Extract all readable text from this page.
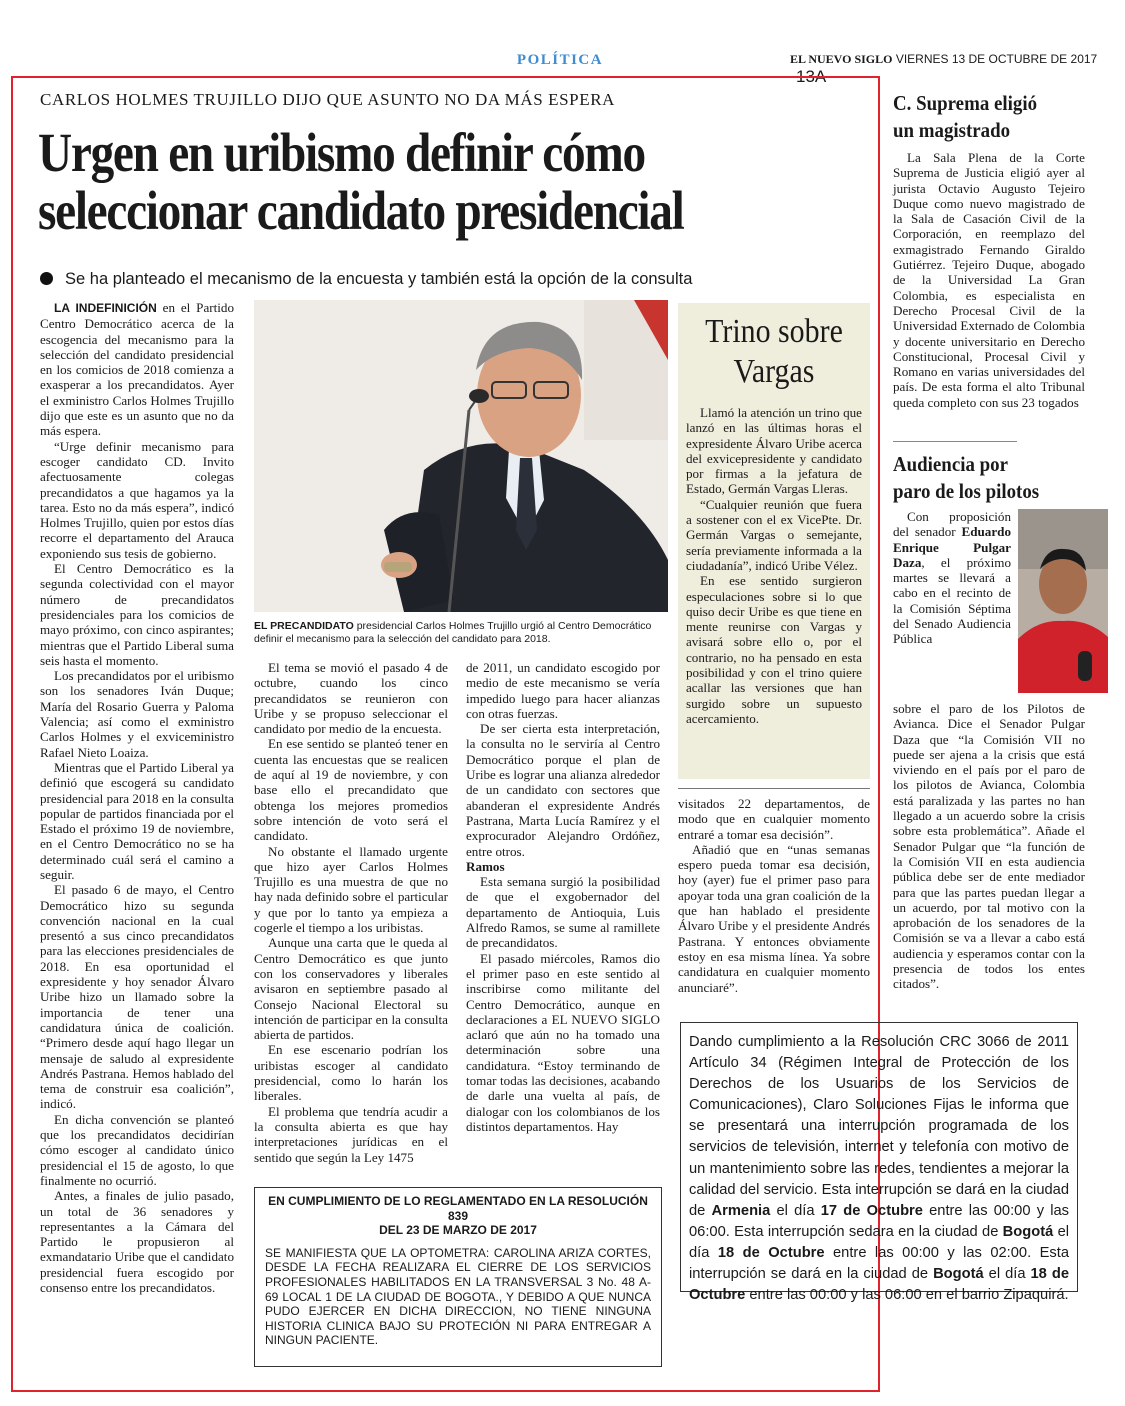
POLÍTICA	EL NUEVO SIGLO VIERNES 13 DE OCTUBRE DE 2017 13A
CARLOS HOLMES TRUJILLO DIJO QUE ASUNTO NO DA MÁS ESPERA
Urgen en uribismo definir cómo
seleccionar candidato presidencial
Se ha planteado el mecanismo de la encuesta y también está la opción de la consulta

LA INDEFINICIÓN en el Partido Centro Democrático acerca de la escogencia del mecanismo para la selección del candidato presidencial en los comicios de 2018 comienza a exasperar a los precandidatos. Ayer el exministro Carlos Holmes Trujillo dijo que este es un asunto que no da más espera.

“Urge definir mecanismo para escoger candidato CD. Invito afectuosamente colegas precandidatos a que hagamos ya la tarea. Esto no da más espera”, indicó Holmes Trujillo, quien por estos días recorre el departamento del Arauca exponiendo sus tesis de gobierno.

El Centro Democrático es la segunda colectividad con el mayor número de precandidatos presidenciales para los comicios de mayo próximo, con cinco aspirantes; mientras que el Partido Liberal suma seis hasta el momento.

Los precandidatos por el uribismo son los senadores Iván Duque; María del Rosario Guerra y Paloma Valencia; así como el exministro Carlos Holmes y el exviceministro Rafael Nieto Loaiza.

Mientras que el Partido Liberal ya definió que escogerá su candidato presidencial para 2018 en la consulta popular de partidos financiada por el Estado el próximo 19 de noviembre, en el Centro Democrático no se ha determinado cuál será el camino a seguir.

El pasado 6 de mayo, el Centro Democrático hizo su segunda convención nacional en la cual presentó a sus cinco precandidatos para las elecciones presidenciales de 2018. En esa oportunidad el expresidente y hoy senador Álvaro Uribe hizo un llamado sobre la importancia de tener una candidatura única de coalición. “Primero desde aquí hago llegar un mensaje de saludo al expresidente Andrés Pastrana. Hemos hablado del tema de construir esa coalición”, indicó.

En dicha convención se planteó que los precandidatos decidirían cómo escoger al candidato único presidencial el 15 de agosto, lo que finalmente no ocurrió.

Antes, a finales de julio pasado, un total de 36 senadores y representantes a la Cámara del Partido le propusieron al exmandatario Uribe que el candidato presidencial fuera escogido por consenso entre los precandidatos.

EL PRECANDIDATO presidencial Carlos Holmes Trujillo urgió al Centro Democrático definir el mecanismo para la selección del candidato para 2018.

El tema se movió el pasado 4 de octubre, cuando los cinco precandidatos se reunieron con Uribe y se propuso seleccionar el candidato por medio de la encuesta.

En ese sentido se planteó tener en cuenta las encuestas que se realicen de aquí al 19 de noviembre, y con base ello el precandidato que obtenga los mejores promedios sobre intención de voto será el candidato.

No obstante el llamado urgente que hizo ayer Carlos Holmes Trujillo es una muestra de que no hay nada definido sobre el particular y que por lo tanto ya empieza a cogerle el tiempo a los uribistas.

Aunque una carta que le queda al Centro Democrático es que junto con los conservadores y liberales avisaron en septiembre pasado al Consejo Nacional Electoral su intención de participar en la consulta abierta de partidos.

En ese escenario podrían los uribistas escoger al candidato presidencial, como lo harán los liberales.

El problema que tendría acudir a la consulta abierta es que hay interpretaciones jurídicas en el sentido que según la Ley 1475

de 2011, un candidato escogido por medio de este mecanismo se vería impedido luego para hacer alianzas con otras fuerzas.

De ser cierta esta interpretación, la consulta no le serviría al Centro Democrático porque el plan de Uribe es lograr una alianza alrededor de un candidato con sectores que abanderan el expresidente Andrés Pastrana, Marta Lucía Ramírez y el exprocurador Alejandro Ordóñez, entre otros.

Ramos

Esta semana surgió la posibilidad de que el exgobernador del departamento de Antioquia, Luis Alfredo Ramos, se sume al ramillete de precandidatos.

El pasado miércoles, Ramos dio el primer paso en este sentido al inscribirse como militante del Centro Democrático, aunque en declaraciones a EL NUEVO SIGLO aclaró que aún no ha tomado una determinación sobre una candidatura. “Estoy terminando de tomar todas las decisiones, acabando de darle una vuelta al país, de dialogar con los colombianos de los distintos departamentos. Hay

Trino sobre
Vargas

Llamó la atención un trino que lanzó en las últimas horas el expresidente Álvaro Uribe acerca del exvicepresidente y candidato por firmas a la jefatura de Estado, Germán Vargas Lleras.

“Cualquier reunión que fuera a sostener con el ex VicePte. Dr. Germán Vargas o semejante, sería previamente informada a la ciudadanía”, indicó Uribe Vélez.

En ese sentido surgieron especulaciones sobre si lo que quiso decir Uribe es que tiene en mente reunirse con Vargas y avisará sobre ello o, por el contrario, no ha pensado en esta posibilidad y con el trino quiere acallar las versiones que han surgido sobre un supuesto acercamiento.

visitados 22 departamentos, de modo que en cualquier momento entraré a tomar esa decisión”.

Añadió que en “unas semanas espero pueda tomar esa decisión, hoy (ayer) fue el primer paso para apoyar toda una gran coalición de la que han hablado el presidente Álvaro Uribe y el presidente Andrés Pastrana. Y entonces obviamente estoy en esa misma línea. Ya sobre candidatura en cualquier momento anunciaré”.

EN CUMPLIMIENTO DE LO REGLAMENTADO EN LA RESOLUCIÓN 839
DEL 23 DE MARZO DE 2017
SE MANIFIESTA QUE LA OPTOMETRA: CAROLINA ARIZA CORTES, DESDE LA FECHA REALIZARA EL CIERRE DE LOS SERVICIOS PROFESIONALES HABILITADOS EN LA TRANSVERSAL 3 No. 48 A-69 LOCAL 1 DE LA CIUDAD DE BOGOTA., Y DEBIDO A QUE NUNCA PUDO EJERCER EN DICHA DIRECCION, NO TIENE NINGUNA HISTORIA CLINICA BAJO SU PROTECIÓN NI PARA ENTREGAR A NINGUN PACIENTE.
Dando cumplimiento a la Resolución CRC 3066 de 2011 Artículo 34 (Régimen Integral de Protección de los Derechos de los Usuarios de los Servicios de Comunicaciones), Claro Soluciones Fijas le informa que se presentará una interrupción programada de los servicios de televisión, internet y telefonía con motivo de un mantenimiento sobre las redes, tendientes a mejorar la calidad del servicio. Esta interrupción se dará en la ciudad de Armenia el día 17 de Octubre entre las 00:00 y las 06:00. Esta interrupción sedara en la ciudad de Bogotá el día 18 de Octubre entre las 00:00 y las 02:00. Esta interrupción se dará en la ciudad de Bogotá el día 18 de Octubre entre las 00:00 y las 06:00 en el barrio Zipaquirá.
C. Suprema eligió
un magistrado

La Sala Plena de la Corte Suprema de Justicia eligió ayer al jurista Octavio Augusto Tejeiro Duque como nuevo magistrado de la Sala de Casación Civil de la Corporación, en reemplazo del exmagistrado Fernando Giraldo Gutiérrez. Tejeiro Duque, abogado de la Universidad La Gran Colombia, es especialista en Derecho Procesal Civil de la Universidad Externado de Colombia y docente universitario en Derecho Constitucional, Procesal Civil y Romano en varias universidades del país. De esta forma el alto Tribunal queda completo con sus 23 togados

Audiencia por
paro de los pilotos

Con proposición del senador Eduardo Enrique Pulgar Daza, el próximo martes se llevará a cabo en el recinto de la Comisión Séptima del Senado Audiencia Pública

sobre el paro de los Pilotos de Avianca. Dice el Senador Pulgar Daza que “la Comisión VII no puede ser ajena a la crisis que está viviendo en el país por el paro de los pilotos de Avianca, Colombia está paralizada y las partes no han llegado a un acuerdo sobre la crisis sobre esta problemática”. Añade el Senador Pulgar que “la función de la Comisión VII en esta audiencia pública debe ser de ente mediador para que las partes puedan llegar a un acuerdo, por tal motivo con la aprobación de los senadores de la Comisión se va a llevar a cabo está audiencia y esperamos contar con la presencia de todos los entes citados”.
